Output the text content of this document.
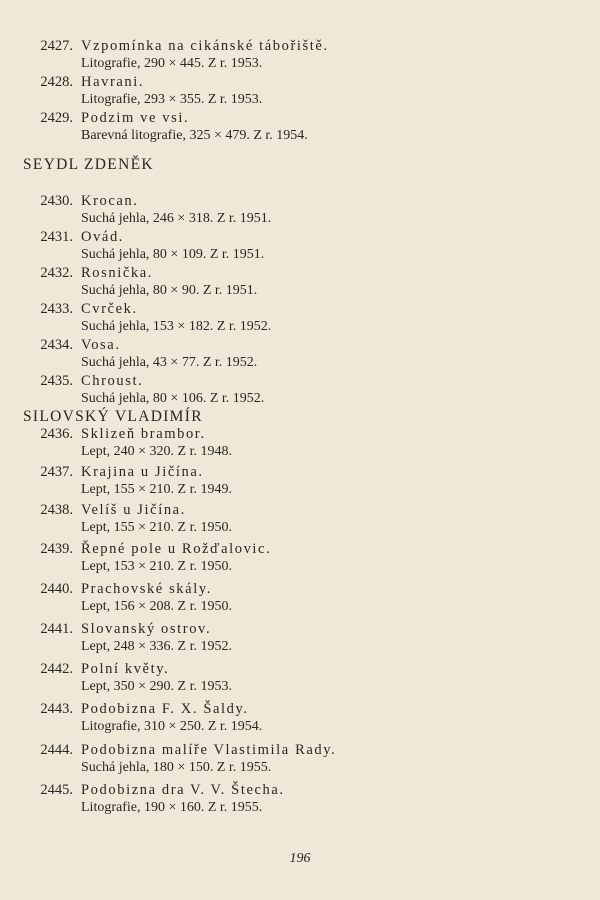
2427. Vzpomínka na cikánské tábořiště.
Litografie, 290 × 445. Z r. 1953.
2428. Havrani.
Litografie, 293 × 355. Z r. 1953.
2429. Podzim ve vsi.
Barevná litografie, 325 × 479. Z r. 1954.
SEYDL ZDENĚK
2430. Krocan.
Suchá jehla, 246 × 318. Z r. 1951.
2431. Ovád.
Suchá jehla, 80 × 109. Z r. 1951.
2432. Rosnička.
Suchá jehla, 80 × 90. Z r. 1951.
2433. Cvrček.
Suchá jehla, 153 × 182. Z r. 1952.
2434. Vosa.
Suchá jehla, 43 × 77. Z r. 1952.
2435. Chroust.
Suchá jehla, 80 × 106. Z r. 1952.
SILOVSKÝ VLADIMÍR
2436. Sklizeň brambor.
Lept, 240 × 320. Z r. 1948.
2437. Krajina u Jičína.
Lept, 155 × 210. Z r. 1949.
2438. Velíš u Jičína.
Lept, 155 × 210. Z r. 1950.
2439. Řepné pole u Rožďalovic.
Lept, 153 × 210. Z r. 1950.
2440. Prachovské skály.
Lept, 156 × 208. Z r. 1950.
2441. Slovanský ostrov.
Lept, 248 × 336. Z r. 1952.
2442. Polní květy.
Lept, 350 × 290. Z r. 1953.
2443. Podobizna F. X. Šaldy.
Litografie, 310 × 250. Z r. 1954.
2444. Podobizna malíře Vlastimila Rady.
Suchá jehla, 180 × 150. Z r. 1955.
2445. Podobizna dra V. V. Štecha.
Litografie, 190 × 160. Z r. 1955.
196
